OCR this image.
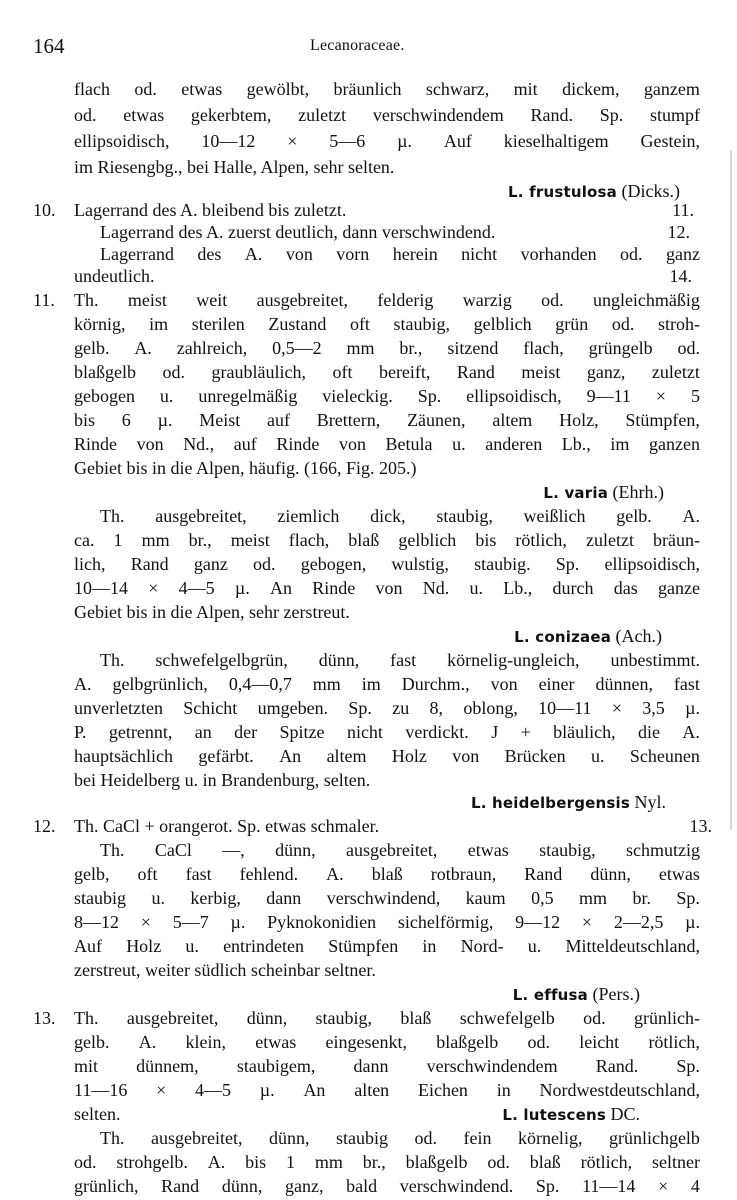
164	Lecanoraceae.
flach od. etwas gewölbt, bräunlich schwarz, mit dickem, ganzem
od. etwas gekerbtem, zuletzt verschwindendem Rand. Sp. stumpf
ellipsoidisch, 10—12 × 5—6 µ. Auf kieselhaltigem Gestein,
im Riesengbg., bei Halle, Alpen, sehr selten.
L. frustulosa (Dicks.)
10. Lagerrand des A. bleibend bis zuletzt.	11.
Lagerrand des A. zuerst deutlich, dann verschwindend.	12.
Lagerrand des A. von vorn herein nicht vorhanden od. ganz
undeutlich.	14.
11. Th. meist weit ausgebreitet, felderig warzig od. ungleichmäßig
körnig, im sterilen Zustand oft staubig, gelblich grün od. stroh-
gelb. A. zahlreich, 0,5—2 mm br., sitzend flach, grüngelb od.
blaßgelb od. graubläulich, oft bereift, Rand meist ganz, zuletzt
gebogen u. unregelmäßig vieleckig. Sp. ellipsoidisch, 9—11 × 5
bis 6 µ. Meist auf Brettern, Zäunen, altem Holz, Stümpfen,
Rinde von Nd., auf Rinde von Betula u. anderen Lb., im ganzen
Gebiet bis in die Alpen, häufig. (166, Fig. 205.)
L. varia (Ehrh.)
Th. ausgebreitet, ziemlich dick, staubig, weißlich gelb. A.
ca. 1 mm br., meist flach, blaß gelblich bis rötlich, zuletzt bräun-
lich, Rand ganz od. gebogen, wulstig, staubig. Sp. ellipsoidisch,
10—14 × 4—5 µ. An Rinde von Nd. u. Lb., durch das ganze
Gebiet bis in die Alpen, sehr zerstreut.
L. conizaea (Ach.)
Th. schwefelgelbgrün, dünn, fast körnelig-ungleich, unbestimmt.
A. gelbgrünlich, 0,4—0,7 mm im Durchm., von einer dünnen, fast
unverletzten Schicht umgeben. Sp. zu 8, oblong, 10—11 × 3,5 µ.
P. getrennt, an der Spitze nicht verdickt. J + bläulich, die A.
hauptsächlich gefärbt. An altem Holz von Brücken u. Scheunen
bei Heidelberg u. in Brandenburg, selten.
L. heidelbergensis Nyl.
12. Th. CaCl + orangerot. Sp. etwas schmaler.	13.
Th. CaCl —, dünn, ausgebreitet, etwas staubig, schmutzig
gelb, oft fast fehlend. A. blaß rotbraun, Rand dünn, etwas
staubig u. kerbig, dann verschwindend, kaum 0,5 mm br. Sp.
8—12 × 5—7 µ. Pyknokonidien sichelförmig, 9—12 × 2—2,5 µ.
Auf Holz u. entrindeten Stümpfen in Nord- u. Mitteldeutschland,
zerstreut, weiter südlich scheinbar seltner.
L. effusa (Pers.)
13. Th. ausgebreitet, dünn, staubig, blaß schwefelgelb od. grünlich-
gelb. A. klein, etwas eingesenkt, blaßgelb od. leicht rötlich,
mit dünnem, staubigem, dann verschwindendem Rand. Sp.
11—16 × 4—5 µ. An alten Eichen in Nordwestdeutschland,
selten.	L. lutescens DC.
Th. ausgebreitet, dünn, staubig od. fein körnelig, grünlichgelb
od. strohgelb. A. bis 1 mm br., blaßgelb od. blaß rötlich, seltner
grünlich, Rand dünn, ganz, bald verschwindend. Sp. 11—14 × 4
